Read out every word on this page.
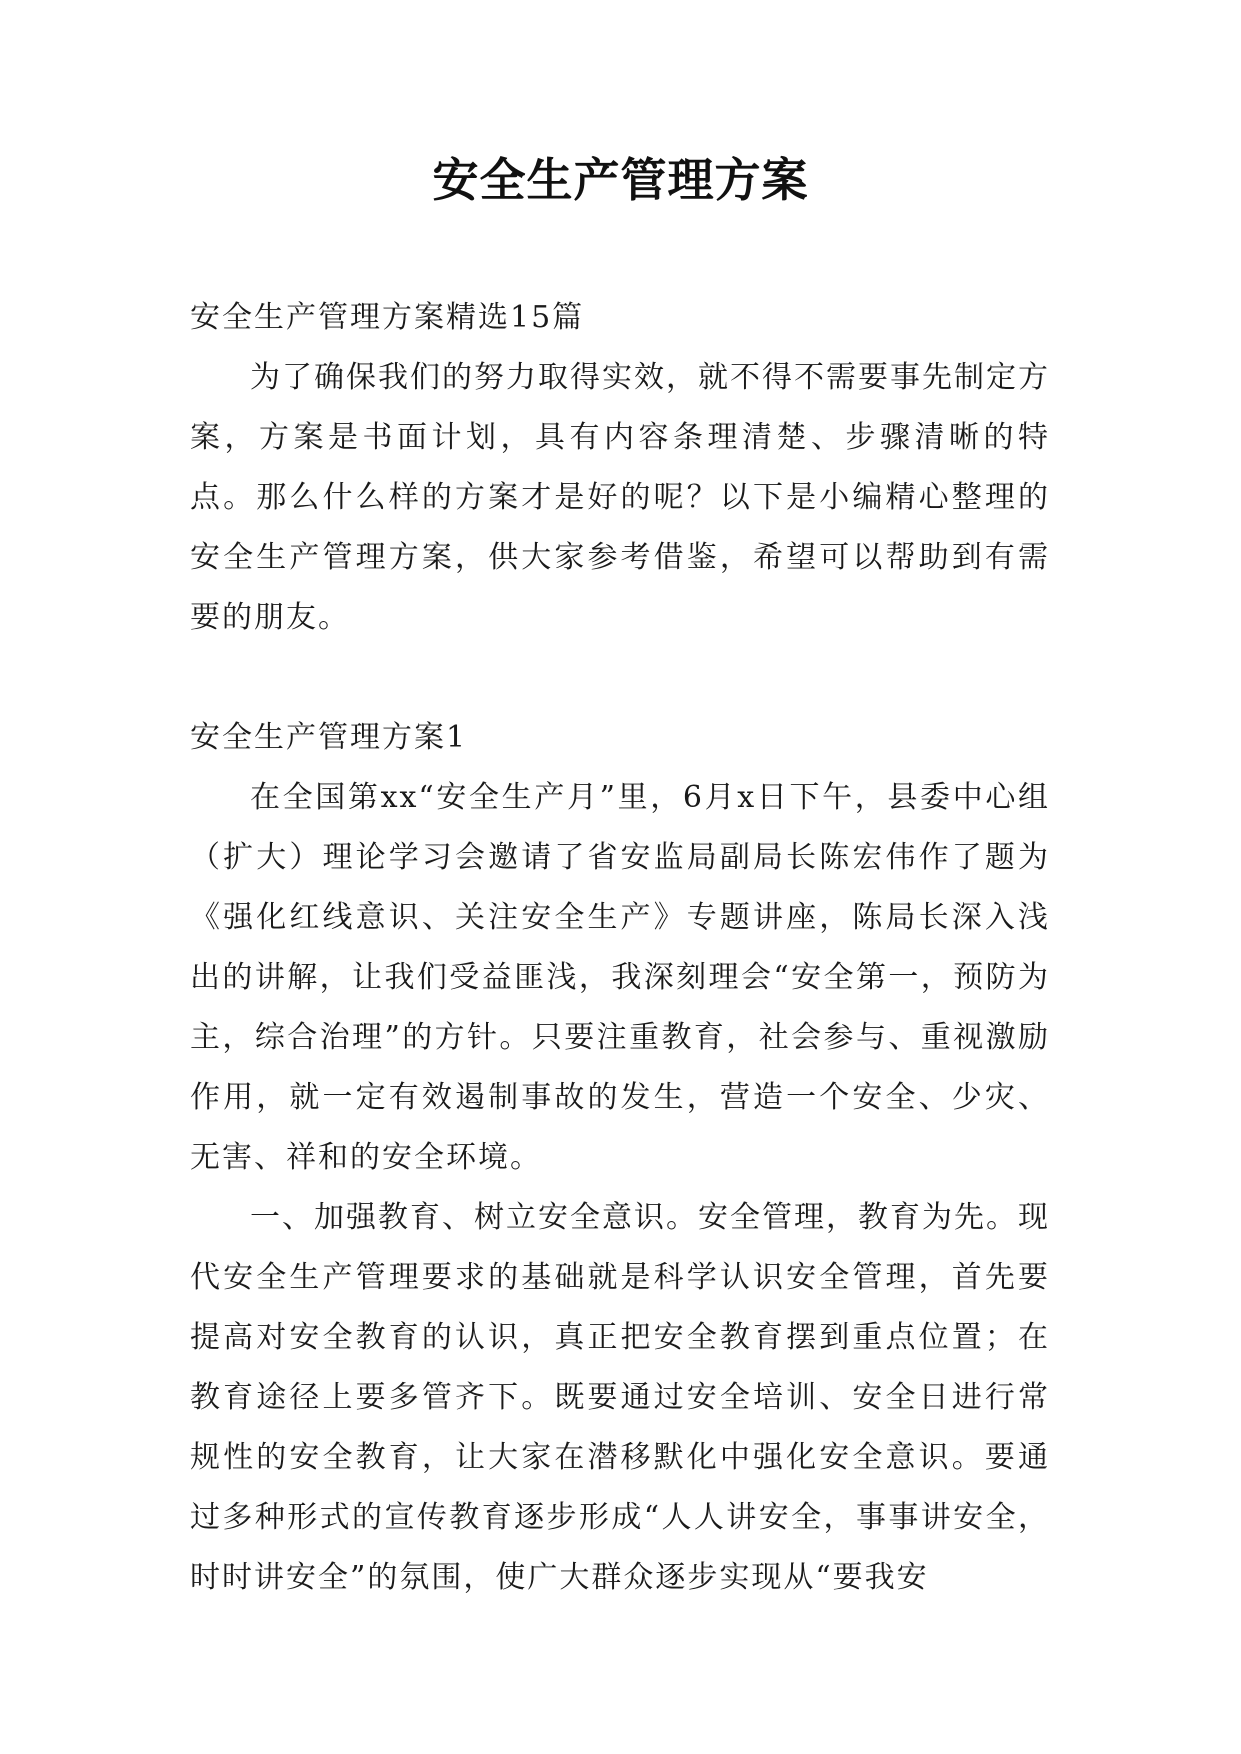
安全生产管理方案

安全生产管理方案精选15篇

为了确保我们的努力取得实效，就不得不需要事先制定方案，方案是书面计划，具有内容条理清楚、步骤清晰的特点。那么什么样的方案才是好的呢？以下是小编精心整理的安全生产管理方案，供大家参考借鉴，希望可以帮助到有需要的朋友。

安全生产管理方案1

在全国第xx“安全生产月”里，6月x日下午，县委中心组（扩大）理论学习会邀请了省安监局副局长陈宏伟作了题为《强化红线意识、关注安全生产》专题讲座，陈局长深入浅出的讲解，让我们受益匪浅，我深刻理会“安全第一，预防为主，综合治理”的方针。只要注重教育，社会参与、重视激励作用，就一定有效遏制事故的发生，营造一个安全、少灾、无害、祥和的安全环境。

一、加强教育、树立安全意识。安全管理，教育为先。现代安全生产管理要求的基础就是科学认识安全管理，首先要提高对安全教育的认识，真正把安全教育摆到重点位置；在教育途径上要多管齐下。既要通过安全培训、安全日进行常规性的安全教育，让大家在潜移默化中强化安全意识。要通过多种形式的宣传教育逐步形成“人人讲安全，事事讲安全，时时讲安全”的氛围，使广大群众逐步实现从“要我安
